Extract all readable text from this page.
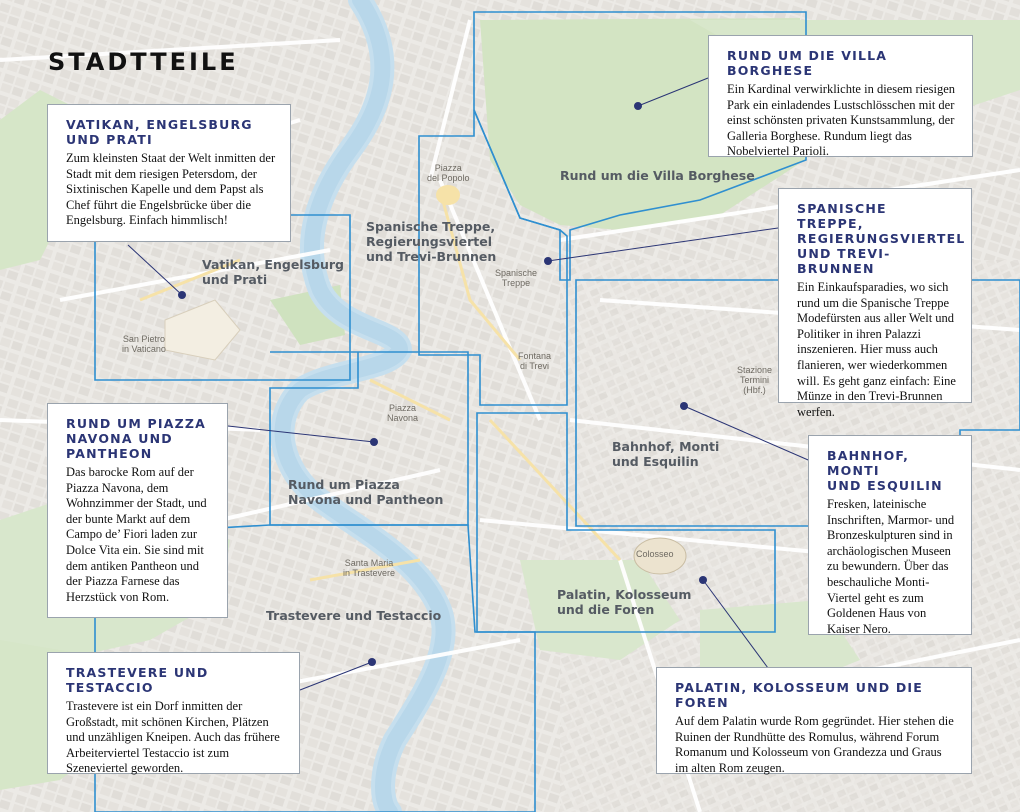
STADTTEILE
Vatikan, Engelsburg
und Prati
Rund um die Villa Borghese
Spanische Treppe,
Regierungsviertel
und Trevi-Brunnen
Rund um Piazza
Navona und Pantheon
Bahnhof, Monti
und Esquilin
Trastevere und Testaccio
Palatin, Kolosseum
und die Foren
Piazza
del Popolo
Spanische
Treppe
Fontana
di Trevi
San Pietro
in Vaticano
Piazza
Navona
Stazione
Termini
(Hbf.)
Colosseo
Santa Maria
in Trastevere
VATIKAN, ENGELSBURG
UND PRATI

Zum kleinsten Staat der Welt inmitten der Stadt mit dem riesigen Petersdom, der Sixtinischen Kapelle und dem Papst als Chef führt die Engelsbrücke über die Engelsburg. Einfach himmlisch!

RUND UM DIE VILLA BORGHESE

Ein Kardinal verwirklichte in diesem riesigen Park ein einladendes Lustschlösschen mit der einst schönsten privaten Kunstsammlung, der Galleria Borghese. Rundum liegt das Nobelviertel Parioli.

SPANISCHE TREPPE,
REGIERUNGSVIERTEL
UND TREVI-BRUNNEN

Ein Einkaufsparadies, wo sich rund um die Spanische Treppe Modefürsten aus aller Welt und Politiker in ihren Palazzi inszenieren. Hier muss auch flanieren, wer wiederkommen will. Es geht ganz einfach: Eine Münze in den Trevi-Brunnen werfen.

RUND UM PIAZZA
NAVONA UND
PANTHEON

Das barocke Rom auf der Piazza Navona, dem Wohnzimmer der Stadt, und der bunte Markt auf dem Campo de’ Fiori laden zur Dolce Vita ein. Sie sind mit dem antiken Pantheon und der Piazza Farnese das Herzstück von Rom.

BAHNHOF, MONTI
UND ESQUILIN

Fresken, lateinische Inschriften, Marmor- und Bronzeskulpturen sind in archäologischen Museen zu bewundern. Über das beschauliche Monti-Viertel geht es zum Goldenen Haus von Kaiser Nero.

TRASTEVERE UND TESTACCIO

Trastevere ist ein Dorf inmitten der Großstadt, mit schönen Kirchen, Plätzen und unzähligen Kneipen. Auch das frühere Arbeiterviertel Testaccio ist zum Szeneviertel geworden.

PALATIN, KOLOSSEUM UND DIE FOREN

Auf dem Palatin wurde Rom gegründet. Hier stehen die Ruinen der Rundhütte des Romulus, während Forum Romanum und Kolosseum von Grandezza und Graus im alten Rom zeugen.
